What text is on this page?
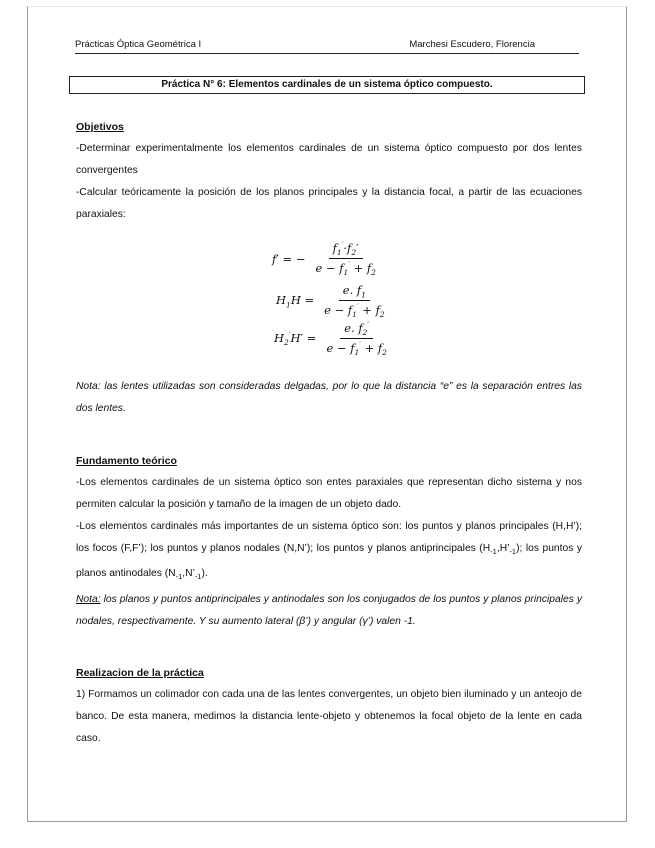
Prácticas Óptica Geométrica I	Marchesi Escudero, Florencia
Práctica N° 6: Elementos cardinales de un sistema óptico compuesto.
Objetivos
-Determinar experimentalmente los elementos cardinales de un sistema óptico compuesto por dos lentes convergentes
-Calcular teóricamente la posición de los planos principales y la distancia focal, a partir de las ecuaciones paraxiales:
f′ = − $\frac{f_1'\cdot f_2'}{e - f_1' + f_2}$
$H_1H = \frac{e. f_1}{e - f_1' + f_2}$
$H_2'H' = \frac{e. f_2'}{e - f_1' + f_2}$
Nota: las lentes utilizadas son consideradas delgadas, por lo que la distancia “e” es la separación entres las dos lentes.
Fundamento teórico
-Los elementos cardinales de un sistema óptico son entes paraxiales que representan dicho sistema y nos permiten calcular la posición y tamaño de la imagen de un objeto dado.
-Los elementos cardinales más importantes de un sistema óptico son: los puntos y planos principales (H,H’); los focos (F,F’); los puntos y planos nodales (N,N’); los puntos y planos antiprincipales $(H_{-1},H’_{-1})$; los puntos y planos antinodales $(N_{-1},N’_{-1})$.
Nota: los planos y puntos antiprincipales y antinodales son los conjugados de los puntos y planos principales y nodales, respectivamente. Y su aumento lateral (β’) y angular (γ’) valen -1.
Realizacion de la práctica
1) Formamos un colimador con cada una de las lentes convergentes, un objeto bien iluminado y un anteojo de banco. De esta manera, medimos la distancia lente-objeto y obtenemos la focal objeto de la lente en cada caso.
